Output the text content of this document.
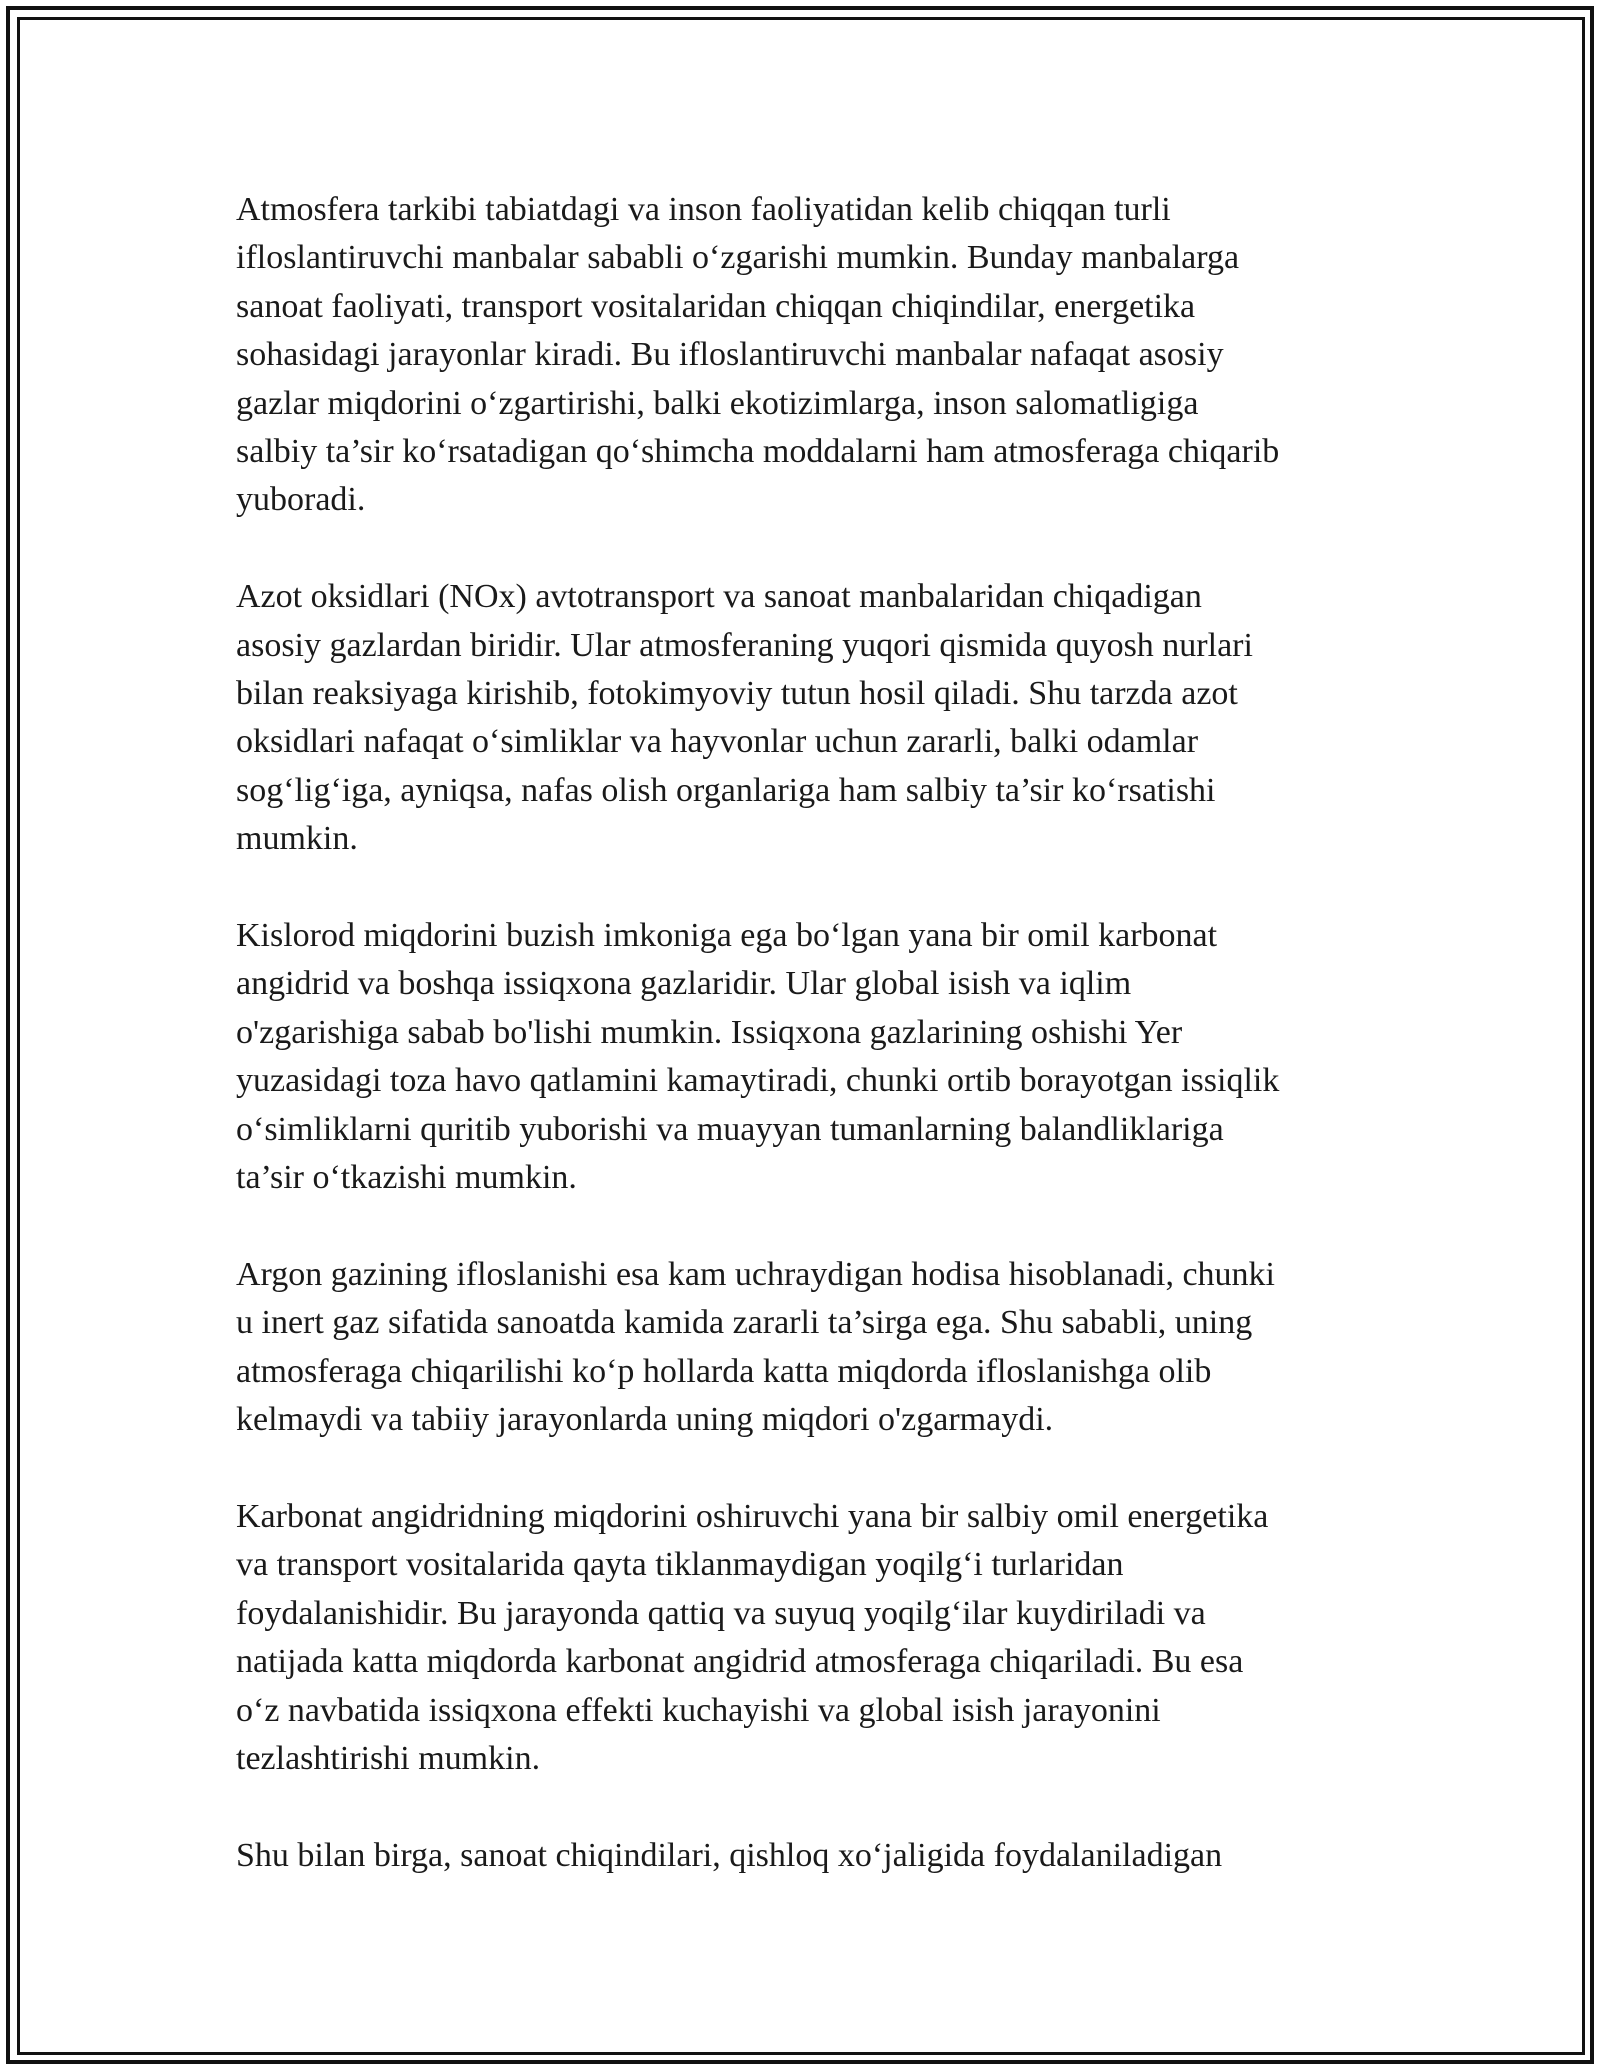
Atmosfera tarkibi tabiatdagi va inson faoliyatidan kelib chiqqan turli
ifloslantiruvchi manbalar sababli o‘zgarishi mumkin. Bunday manbalarga
sanoat faoliyati, transport vositalaridan chiqqan chiqindilar, energetika
sohasidagi jarayonlar kiradi. Bu ifloslantiruvchi manbalar nafaqat asosiy
gazlar miqdorini o‘zgartirishi, balki ekotizimlarga, inson salomatligiga
salbiy ta’sir ko‘rsatadigan qo‘shimcha moddalarni ham atmosferaga chiqarib
yuboradi.

Azot oksidlari (NOx) avtotransport va sanoat manbalaridan chiqadigan
asosiy gazlardan biridir. Ular atmosferaning yuqori qismida quyosh nurlari
bilan reaksiyaga kirishib, fotokimyoviy tutun hosil qiladi. Shu tarzda azot
oksidlari nafaqat o‘simliklar va hayvonlar uchun zararli, balki odamlar
sog‘lig‘iga, ayniqsa, nafas olish organlariga ham salbiy ta’sir ko‘rsatishi
mumkin.

Kislorod miqdorini buzish imkoniga ega bo‘lgan yana bir omil karbonat
angidrid va boshqa issiqxona gazlaridir. Ular global isish va iqlim
o'zgarishiga sabab bo'lishi mumkin. Issiqxona gazlarining oshishi Yer
yuzasidagi toza havo qatlamini kamaytiradi, chunki ortib borayotgan issiqlik
o‘simliklarni quritib yuborishi va muayyan tumanlarning balandliklariga
ta’sir o‘tkazishi mumkin.

Argon gazining ifloslanishi esa kam uchraydigan hodisa hisoblanadi, chunki
u inert gaz sifatida sanoatda kamida zararli ta’sirga ega. Shu sababli, uning
atmosferaga chiqarilishi ko‘p hollarda katta miqdorda ifloslanishga olib
kelmaydi va tabiiy jarayonlarda uning miqdori o'zgarmaydi.

Karbonat angidridning miqdorini oshiruvchi yana bir salbiy omil energetika
va transport vositalarida qayta tiklanmaydigan yoqilg‘i turlaridan
foydalanishidir. Bu jarayonda qattiq va suyuq yoqilg‘ilar kuydiriladi va
natijada katta miqdorda karbonat angidrid atmosferaga chiqariladi. Bu esa
o‘z navbatida issiqxona effekti kuchayishi va global isish jarayonini
tezlashtirishi mumkin.

Shu bilan birga, sanoat chiqindilari, qishloq xo‘jaligida foydalaniladigan
